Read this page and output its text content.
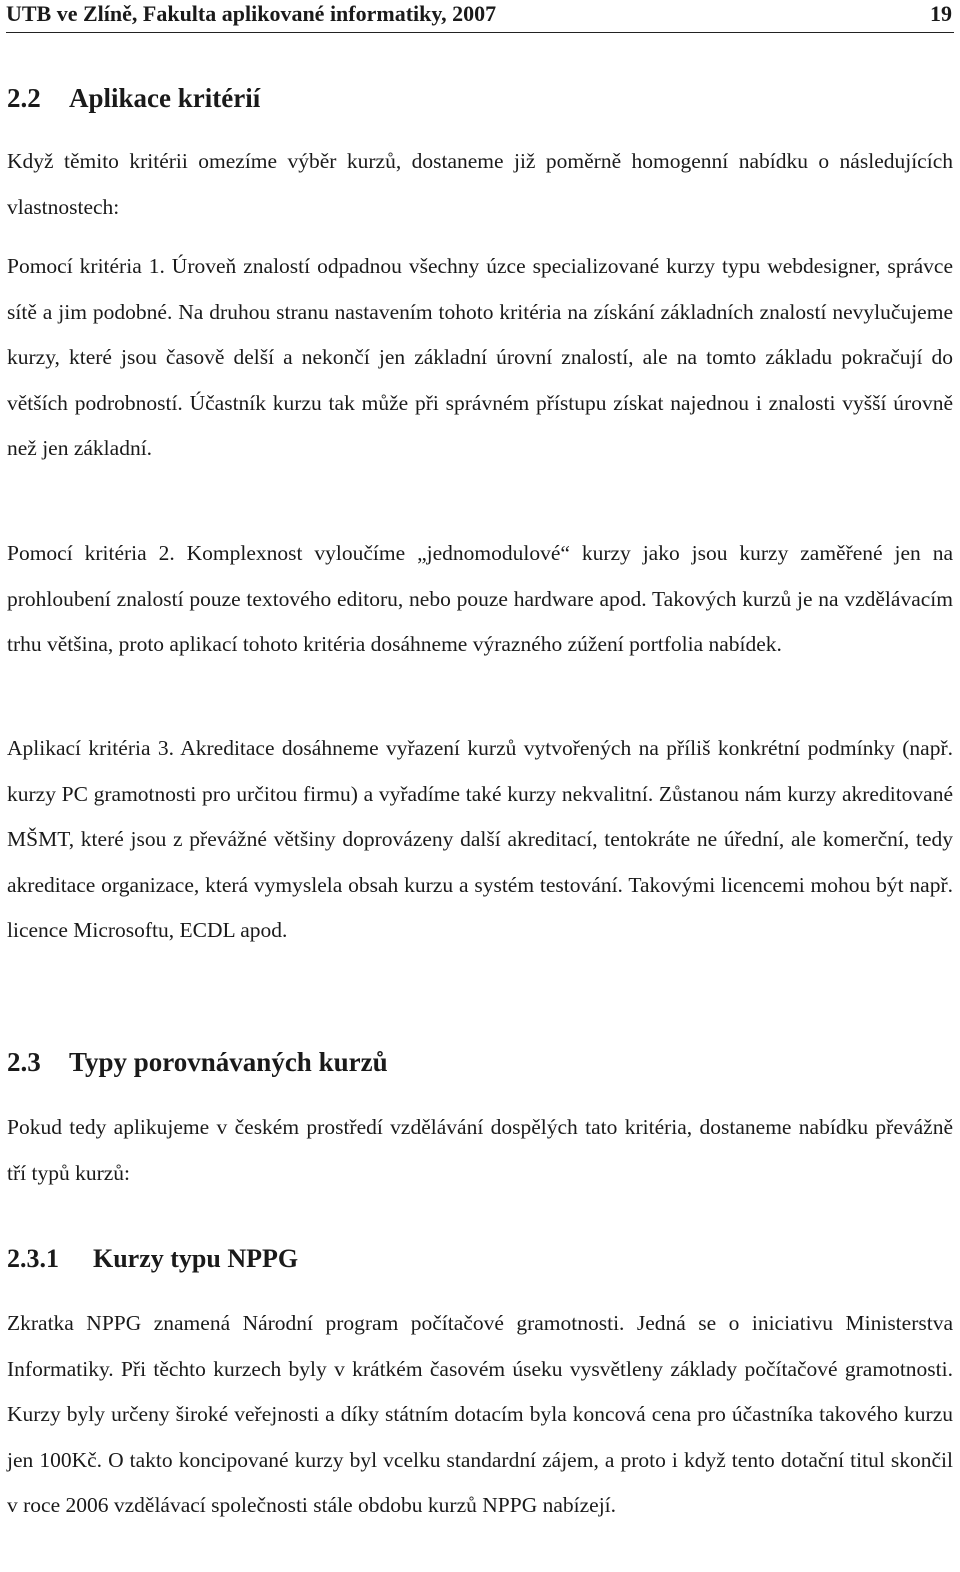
UTB ve Zlíně, Fakulta aplikované informatiky, 2007	19
2.2 Aplikace kritérií
Když těmito kritérii omezíme výběr kurzů, dostaneme již poměrně homogenní nabídku o následujících vlastnostech:
Pomocí kritéria 1. Úroveň znalostí odpadnou všechny úzce specializované kurzy typu webdesigner, správce sítě a jim podobné. Na druhou stranu nastavením tohoto kritéria na získání základních znalostí nevylučujeme kurzy, které jsou časově delší a nekončí jen základní úrovní znalostí, ale na tomto základu pokračují do větších podrobností. Účastník kurzu tak může při správném přístupu získat najednou i znalosti vyšší úrovně než jen základní.
Pomocí kritéria 2. Komplexnost vyloučíme „jednomodulové“ kurzy jako jsou kurzy zaměřené jen na prohloubení znalostí pouze textového editoru, nebo pouze hardware apod. Takových kurzů je na vzdělávacím trhu většina, proto aplikací tohoto kritéria dosáhneme výrazného zúžení portfolia nabídek.
Aplikací kritéria 3. Akreditace dosáhneme vyřazení kurzů vytvořených na příliš konkrétní podmínky (např. kurzy PC gramotnosti pro určitou firmu) a vyřadíme také kurzy nekvalitní. Zůstanou nám kurzy akreditované MŠMT, které jsou z převážné většiny doprovázeny další akreditací, tentokráte ne úřední, ale komerční, tedy akreditace organizace, která vymyslela obsah kurzu a systém testování. Takovými licencemi mohou být např. licence Microsoftu, ECDL apod.
2.3 Typy porovnávaných kurzů
Pokud tedy aplikujeme v českém prostředí vzdělávání dospělých tato kritéria, dostaneme nabídku převážně tří typů kurzů:
2.3.1 Kurzy typu NPPG
Zkratka NPPG znamená Národní program počítačové gramotnosti. Jedná se o iniciativu Ministerstva Informatiky. Při těchto kurzech byly v krátkém časovém úseku vysvětleny základy počítačové gramotnosti. Kurzy byly určeny široké veřejnosti a díky státním dotacím byla koncová cena pro účastníka takového kurzu jen 100Kč. O takto koncipované kurzy byl vcelku standardní zájem, a proto i když tento dotační titul skončil v roce 2006 vzdělávací společnosti stále obdobu kurzů NPPG nabízejí.
